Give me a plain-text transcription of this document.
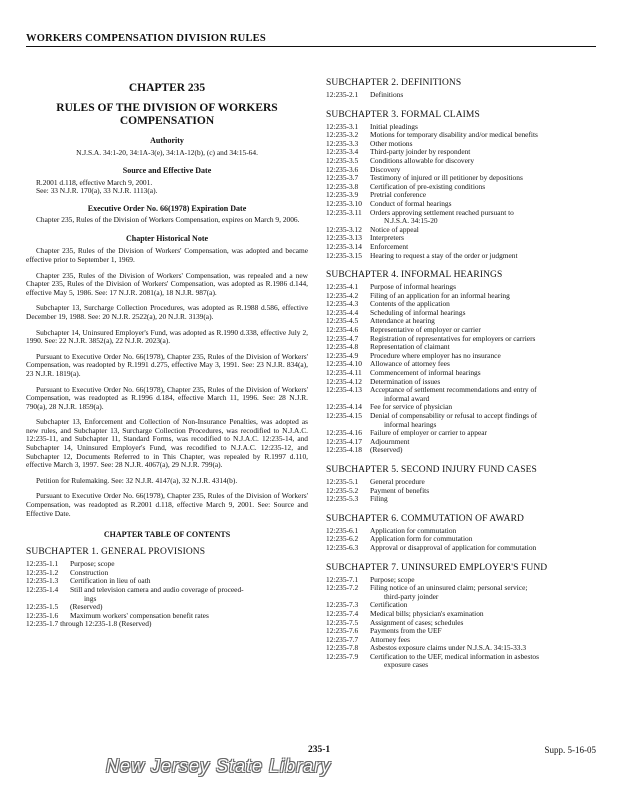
WORKERS COMPENSATION DIVISION RULES
CHAPTER 235
RULES OF THE DIVISION OF WORKERS COMPENSATION
Authority
N.J.S.A. 34:1-20, 34:1A-3(e), 34:1A-12(b), (c) and 34:15-64.
Source and Effective Date
R.2001 d.118, effective March 9, 2001.
See: 33 N.J.R. 170(a), 33 N.J.R. 1113(a).
Executive Order No. 66(1978) Expiration Date
Chapter 235, Rules of the Division of Workers Compensation, expires on March 9, 2006.
Chapter Historical Note
Chapter 235, Rules of the Division of Workers' Compensation, was adopted and became effective prior to September 1, 1969.
Chapter 235, Rules of the Division of Workers' Compensation, was repealed and a new Chapter 235, Rules of the Division of Workers' Compensation, was adopted as R.1986 d.144, effective May 5, 1986. See: 17 N.J.R. 2081(a), 18 N.J.R. 987(a).
Subchapter 13, Surcharge Collection Procedures, was adopted as R.1988 d.586, effective December 19, 1988. See: 20 N.J.R. 2522(a), 20 N.J.R. 3139(a).
Subchapter 14, Uninsured Employer's Fund, was adopted as R.1990 d.338, effective July 2, 1990. See: 22 N.J.R. 3852(a), 22 N.J.R. 2023(a).
Pursuant to Executive Order No. 66(1978), Chapter 235, Rules of the Division of Workers' Compensation, was readopted by R.1991 d.275, effective May 3, 1991. See: 23 N.J.R. 834(a), 23 N.J.R. 1819(a).
Pursuant to Executive Order No. 66(1978), Chapter 235, Rules of the Division of Workers' Compensation, was readopted as R.1996 d.184, effective March 11, 1996. See: 28 N.J.R. 790(a), 28 N.J.R. 1859(a).
Subchapter 13, Enforcement and Collection of Non-Insurance Penalties, was adopted as new rules, and Subchapter 13, Surcharge Collection Procedures, was recodified to N.J.A.C. 12:235-11, and Subchapter 11, Standard Forms, was recodified to N.J.A.C. 12:235-14, and Subchapter 14, Uninsured Employer's Fund, was recodified to N.J.A.C. 12:235-12, and Subchapter 12, Documents Referred to in This Chapter, was repealed by R.1997 d.110, effective March 3, 1997. See: 28 N.J.R. 4067(a), 29 N.J.R. 799(a).
Petition for Rulemaking. See: 32 N.J.R. 4147(a), 32 N.J.R. 4314(b).
Pursuant to Executive Order No. 66(1978), Chapter 235, Rules of the Division of Workers' Compensation, was readopted as R.2001 d.118, effective March 9, 2001. See: Source and Effective Date.
CHAPTER TABLE OF CONTENTS
SUBCHAPTER 1. GENERAL PROVISIONS
12:235-1.1	Purpose; scope
12:235-1.2	Construction
12:235-1.3	Certification in lieu of oath
12:235-1.4	Still and television camera and audio coverage of proceed-
ings
12:235-1.5	(Reserved)
12:235-1.6	Maximum workers' compensation benefit rates
12:235-1.7 through 12:235-1.8 (Reserved)
SUBCHAPTER 2. DEFINITIONS
12:235-2.1	Definitions
SUBCHAPTER 3. FORMAL CLAIMS
12:235-3.1	Initial pleadings
12:235-3.2	Motions for temporary disability and/or medical benefits
12:235-3.3	Other motions
12:235-3.4	Third-party joinder by respondent
12:235-3.5	Conditions allowable for discovery
12:235-3.6	Discovery
12:235-3.7	Testimony of injured or ill petitioner by depositions
12:235-3.8	Certification of pre-existing conditions
12:235-3.9	Pretrial conference
12:235-3.10	Conduct of formal hearings
12:235-3.11	Orders approving settlement reached pursuant to
N.J.S.A. 34:15-20
12:235-3.12	Notice of appeal
12:235-3.13	Interpreters
12:235-3.14	Enforcement
12:235-3.15	Hearing to request a stay of the order or judgment
SUBCHAPTER 4. INFORMAL HEARINGS
12:235-4.1	Purpose of informal hearings
12:235-4.2	Filing of an application for an informal hearing
12:235-4.3	Contents of the application
12:235-4.4	Scheduling of informal hearings
12:235-4.5	Attendance at hearing
12:235-4.6	Representative of employer or carrier
12:235-4.7	Registration of representatives for employers or carriers
12:235-4.8	Representation of claimant
12:235-4.9	Procedure where employer has no insurance
12:235-4.10	Allowance of attorney fees
12:235-4.11	Commencement of informal hearings
12:235-4.12	Determination of issues
12:235-4.13	Acceptance of settlement recommendations and entry of
informal award
12:235-4.14	Fee for service of physician
12:235-4.15	Denial of compensability or refusal to accept findings of
informal hearings
12:235-4.16	Failure of employer or carrier to appear
12:235-4.17	Adjournment
12:235-4.18	(Reserved)
SUBCHAPTER 5. SECOND INJURY FUND CASES
12:235-5.1	General procedure
12:235-5.2	Payment of benefits
12:235-5.3	Filing
SUBCHAPTER 6. COMMUTATION OF AWARD
12:235-6.1	Application for commutation
12:235-6.2	Application form for commutation
12:235-6.3	Approval or disapproval of application for commutation
SUBCHAPTER 7. UNINSURED EMPLOYER'S FUND
12:235-7.1	Purpose; scope
12:235-7.2	Filing notice of an uninsured claim; personal service;
third-party joinder
12:235-7.3	Certification
12:235-7.4	Medical bills; physician's examination
12:235-7.5	Assignment of cases; schedules
12:235-7.6	Payments from the UEF
12:235-7.7	Attorney fees
12:235-7.8	Asbestos exposure claims under N.J.S.A. 34:15-33.3
12:235-7.9	Certification to the UEF, medical information in asbestos
exposure cases
235-1	Supp. 5-16-05
New Jersey State Library
